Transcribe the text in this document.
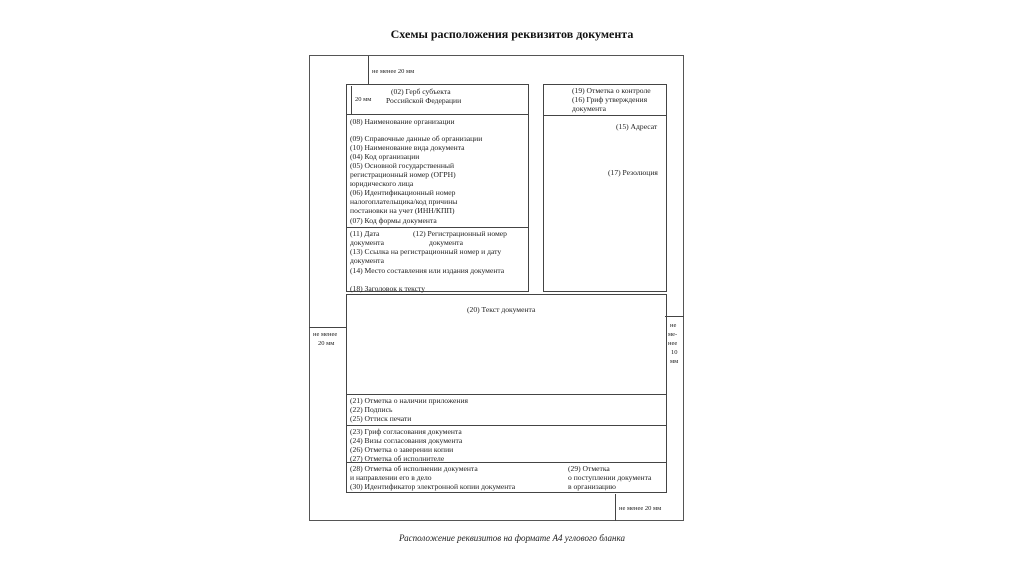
Схемы расположения реквизитов документа
не менее 20 мм
20 мм
не менее
20 мм
не
ме-
нее
10
мм
не менее 20 мм
(02) Герб субъекта
Российской Федерации
(08) Наименование организации
(09) Справочные данные об организации
(10) Наименование вида документа
(04) Код организации
(05) Основной государственный
регистрационный номер (ОГРН)
юридического лица
(06) Идентификационный номер
налогоплательщика/код причины
постановки на учет (ИНН/КПП)
(07) Код формы документа
(11) Дата
документа
(12) Регистрационный номер
документа
(13) Ссылка на регистрационный номер и дату
документа
(14) Место составления или издания документа
(19) Отметка о контроле
(16) Гриф утверждения
документа
(15) Адресат
(17) Резолюция
(18) Заголовок к тексту
(20) Текст документа
(21) Отметка о наличии приложения
(22) Подпись
(25) Оттиск печати
(23) Гриф согласования документа
(24) Визы согласования документа
(26) Отметка о заверении копии
(27) Отметка об исполнителе
(28) Отметка об исполнении документа
и направлении его в дело
(30) Идентификатор электронной копии документа
(29) Отметка
о поступлении документа
в организацию
Расположение реквизитов на формате А4 углового бланка
